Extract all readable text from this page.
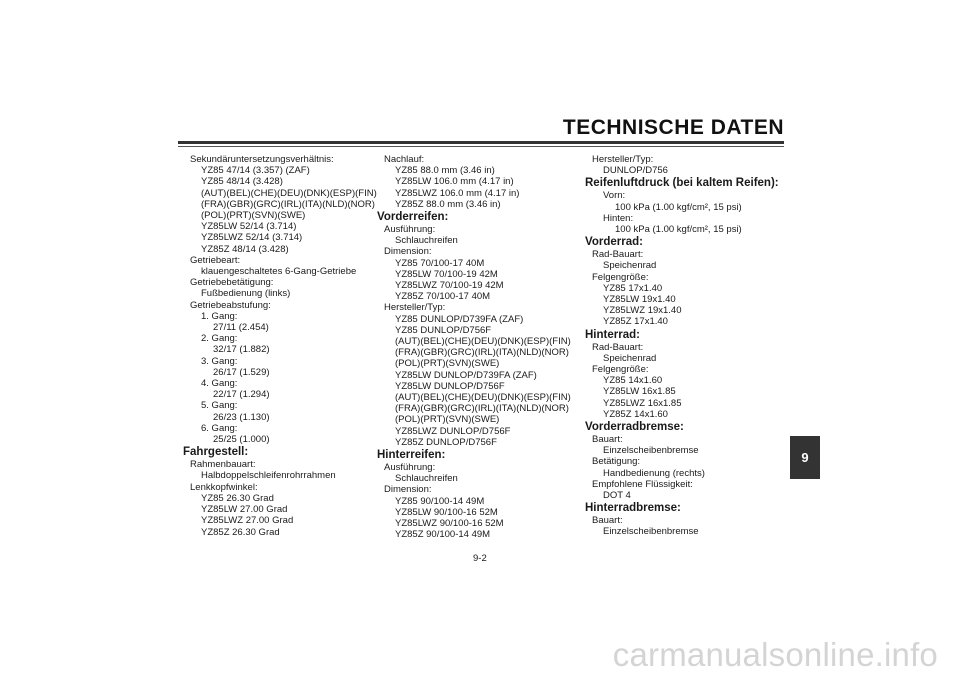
TECHNISCHE DATEN
Sekundäruntersetzungsverhältnis:
YZ85 47/14 (3.357) (ZAF)
YZ85 48/14 (3.428)
(AUT)(BEL)(CHE)(DEU)(DNK)(ESP)(FIN)
(FRA)(GBR)(GRC)(IRL)(ITA)(NLD)(NOR)
(POL)(PRT)(SVN)(SWE)
YZ85LW 52/14 (3.714)
YZ85LWZ 52/14 (3.714)
YZ85Z 48/14 (3.428)
Getriebeart:
klauengeschaltetes 6-Gang-Getriebe
Getriebebetätigung:
Fußbedienung (links)
Getriebeabstufung:
1. Gang:
27/11 (2.454)
2. Gang:
32/17 (1.882)
3. Gang:
26/17 (1.529)
4. Gang:
22/17 (1.294)
5. Gang:
26/23 (1.130)
6. Gang:
25/25 (1.000)
Fahrgestell:
Rahmenbauart:
Halbdoppelschleifenrohrrahmen
Lenkkopfwinkel:
YZ85 26.30 Grad
YZ85LW 27.00 Grad
YZ85LWZ 27.00 Grad
YZ85Z 26.30 Grad
Nachlauf:
YZ85 88.0 mm (3.46 in)
YZ85LW 106.0 mm (4.17 in)
YZ85LWZ 106.0 mm (4.17 in)
YZ85Z 88.0 mm (3.46 in)
Vorderreifen:
Ausführung:
Schlauchreifen
Dimension:
YZ85 70/100-17 40M
YZ85LW 70/100-19 42M
YZ85LWZ 70/100-19 42M
YZ85Z 70/100-17 40M
Hersteller/Typ:
YZ85 DUNLOP/D739FA (ZAF)
YZ85 DUNLOP/D756F
(AUT)(BEL)(CHE)(DEU)(DNK)(ESP)(FIN)
(FRA)(GBR)(GRC)(IRL)(ITA)(NLD)(NOR)
(POL)(PRT)(SVN)(SWE)
YZ85LW DUNLOP/D739FA (ZAF)
YZ85LW DUNLOP/D756F
(AUT)(BEL)(CHE)(DEU)(DNK)(ESP)(FIN)
(FRA)(GBR)(GRC)(IRL)(ITA)(NLD)(NOR)
(POL)(PRT)(SVN)(SWE)
YZ85LWZ DUNLOP/D756F
YZ85Z DUNLOP/D756F
Hinterreifen:
Ausführung:
Schlauchreifen
Dimension:
YZ85 90/100-14 49M
YZ85LW 90/100-16 52M
YZ85LWZ 90/100-16 52M
YZ85Z 90/100-14 49M
Hersteller/Typ:
DUNLOP/D756
Reifenluftdruck (bei kaltem Reifen):
Vorn:
100 kPa (1.00 kgf/cm², 15 psi)
Hinten:
100 kPa (1.00 kgf/cm², 15 psi)
Vorderrad:
Rad-Bauart:
Speichenrad
Felgengröße:
YZ85 17x1.40
YZ85LW 19x1.40
YZ85LWZ 19x1.40
YZ85Z 17x1.40
Hinterrad:
Rad-Bauart:
Speichenrad
Felgengröße:
YZ85 14x1.60
YZ85LW 16x1.85
YZ85LWZ 16x1.85
YZ85Z 14x1.60
Vorderradbremse:
Bauart:
Einzelscheibenbremse
Betätigung:
Handbedienung (rechts)
Empfohlene Flüssigkeit:
DOT 4
Hinterradbremse:
Bauart:
Einzelscheibenbremse
9
9-2
carmanualsonline.info
